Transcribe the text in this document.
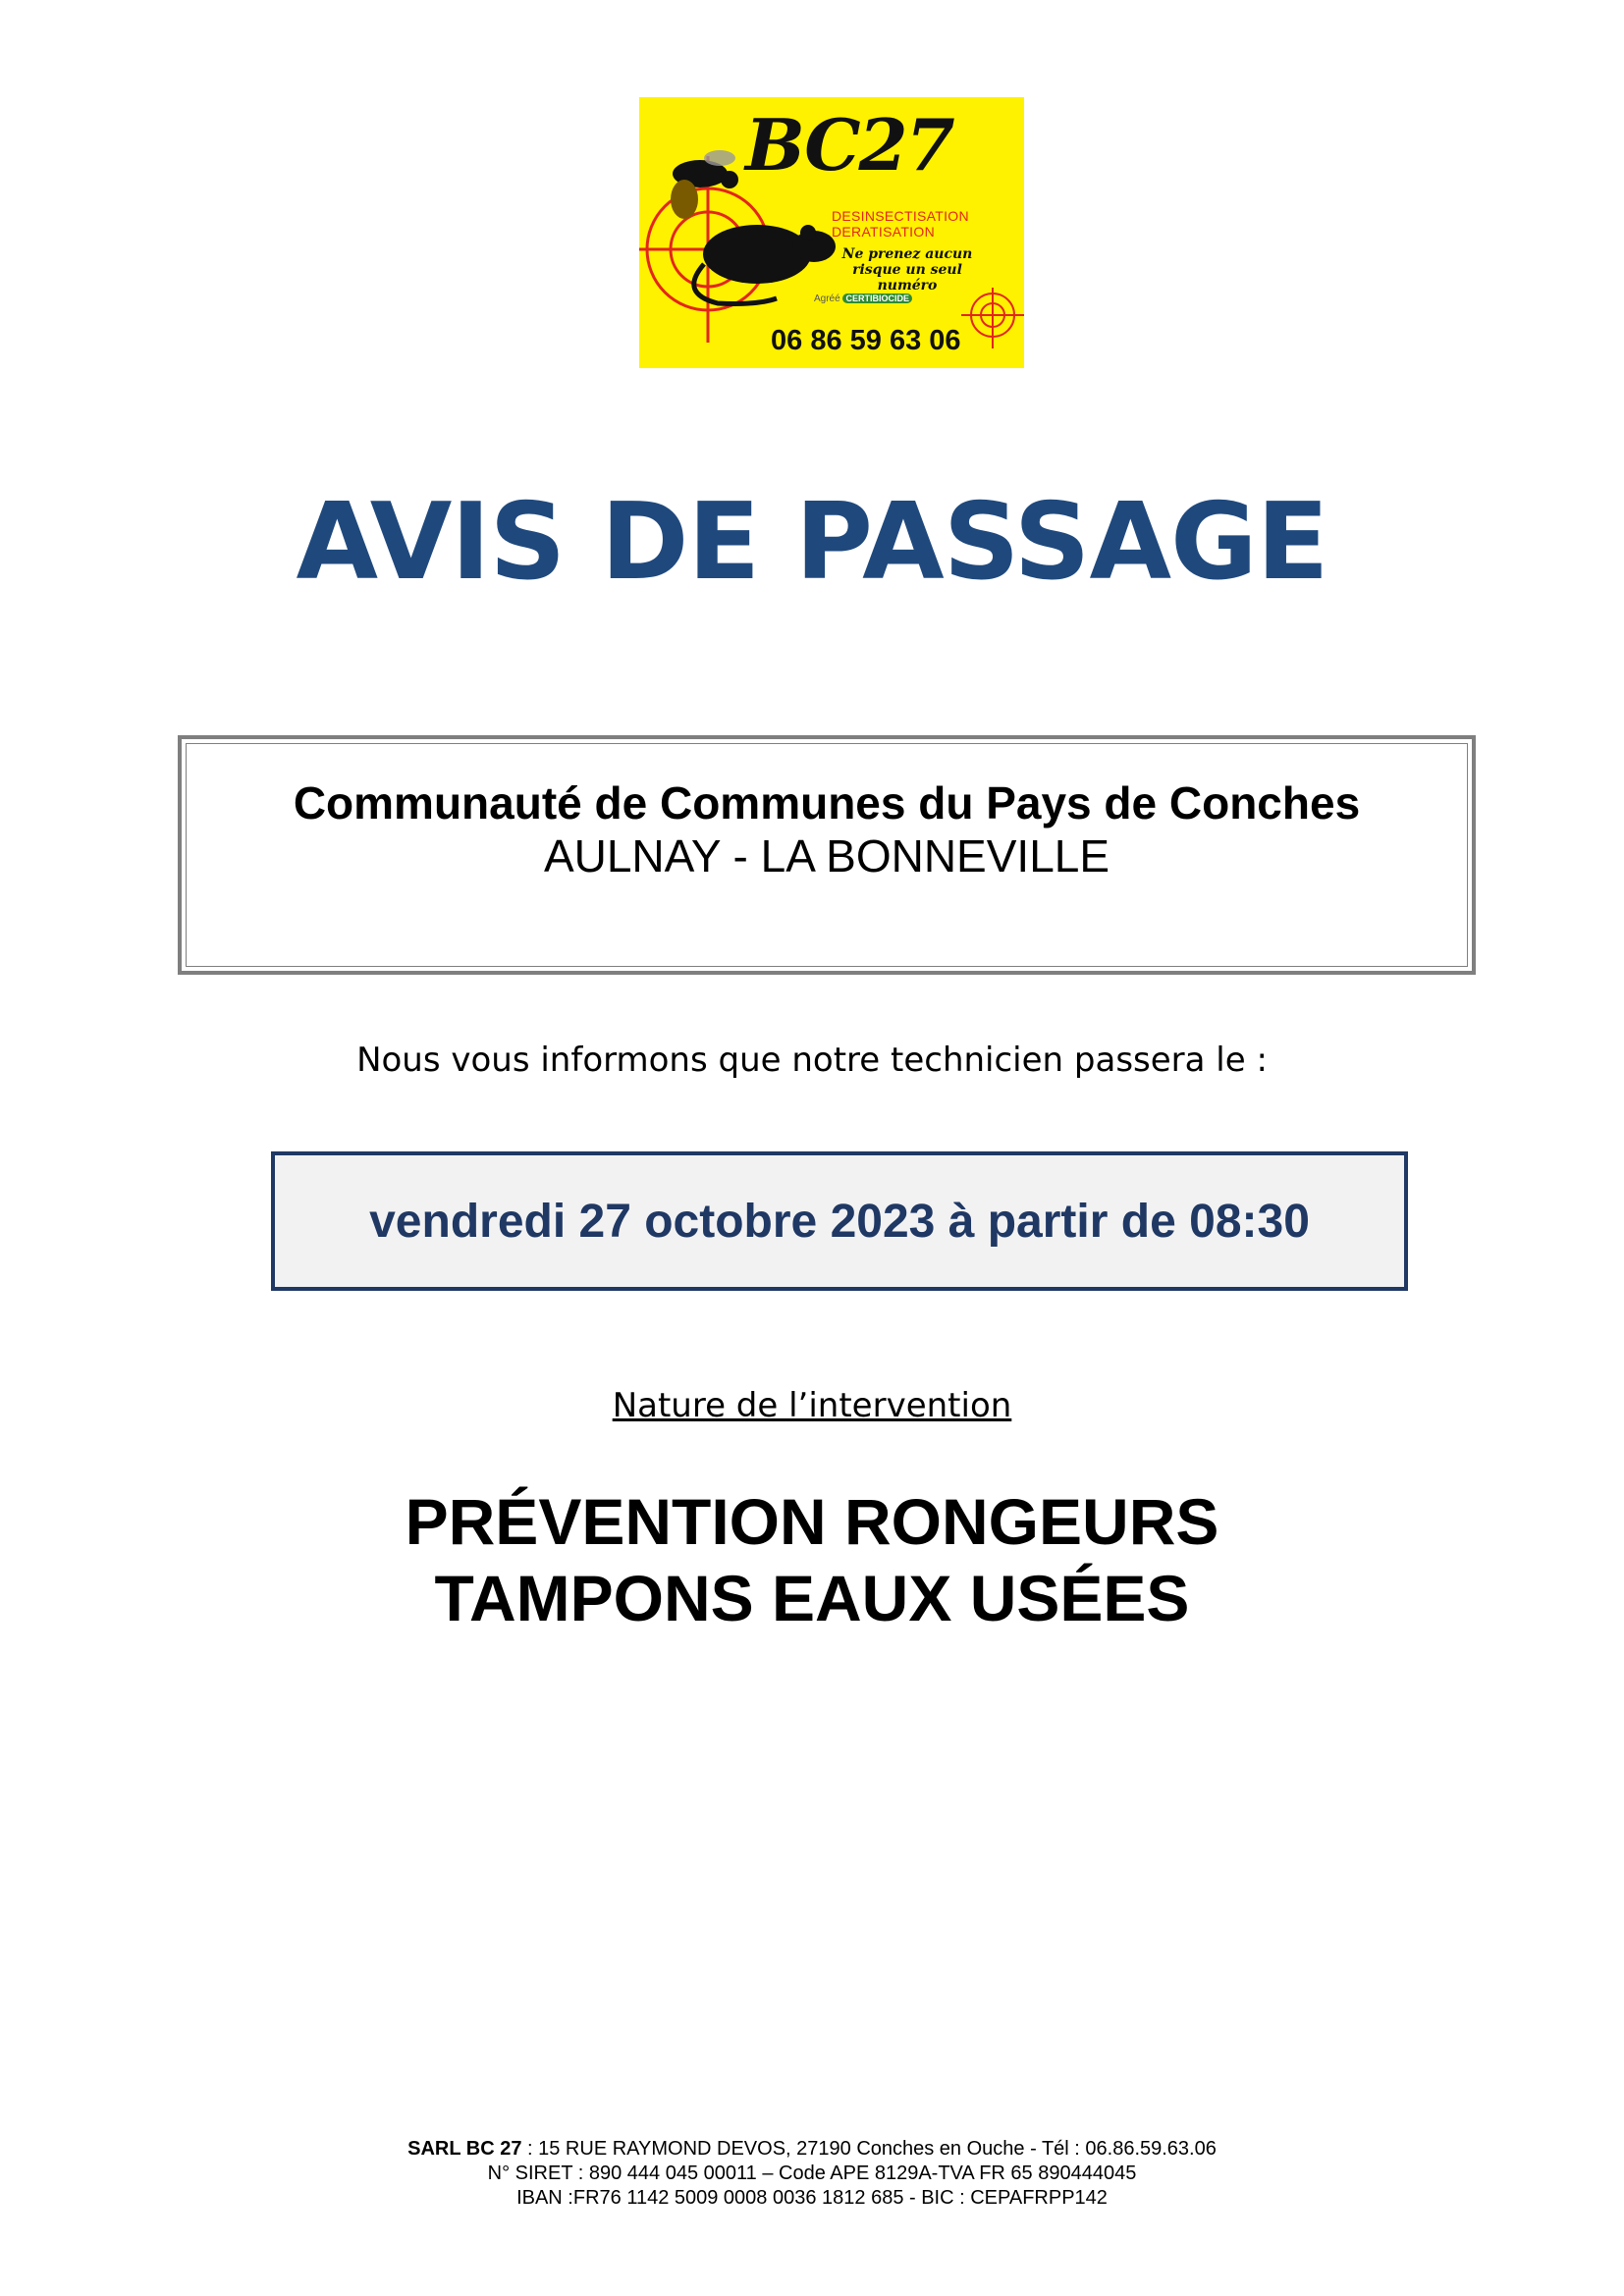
BC27
DESINSECTISATION
DERATISATION
Ne prenez aucun risque un seul numéro
Agréé CERTIBIOCIDE
06 86 59 63 06
AVIS DE PASSAGE
Communauté de Communes du Pays de Conches
AULNAY - LA BONNEVILLE
Nous vous informons que notre technicien passera le :
vendredi 27 octobre 2023 à partir de 08:30
Nature de l’intervention
PRÉVENTION RONGEURS
TAMPONS EAUX USÉES
SARL BC 27 : 15 RUE RAYMOND DEVOS, 27190 Conches en Ouche - Tél : 06.86.59.63.06
N° SIRET : 890 444 045 00011 – Code APE 8129A-TVA FR 65 890444045
IBAN :FR76 1142 5009 0008 0036 1812 685 - BIC : CEPAFRPP142
